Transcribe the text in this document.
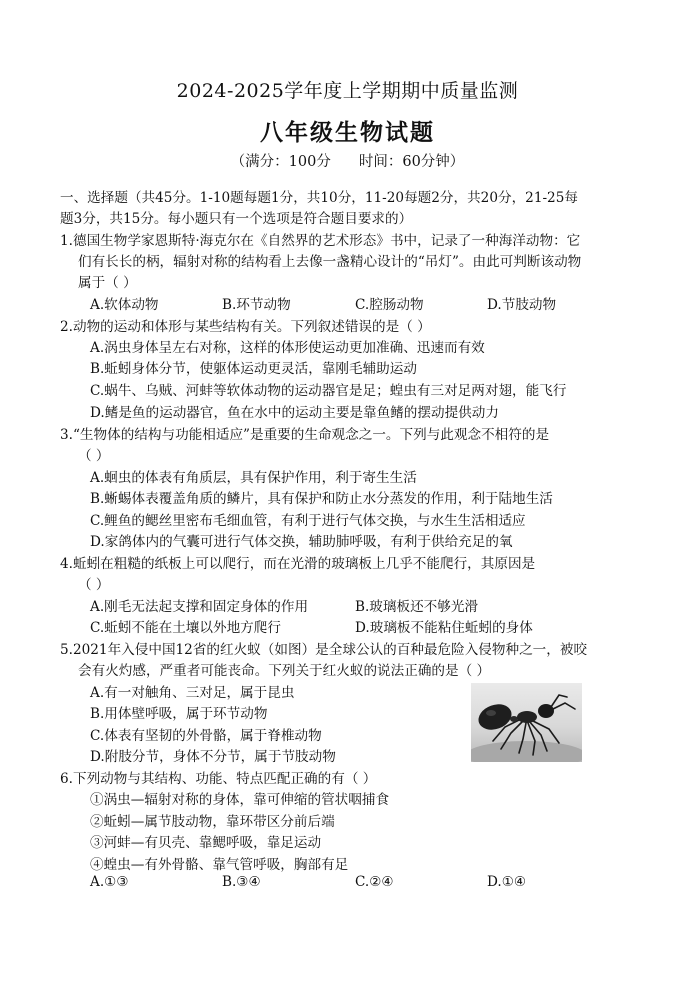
2024-2025学年度上学期期中质量监测
八年级生物试题
（满分：100分 时间：60分钟）
一、选择题（共45分。1-10题每题1分，共10分，11-20每题2分，共20分，21-25每
题3分，共15分。每小题只有一个选项是符合题目要求的）
1.德国生物学家恩斯特·海克尔在《自然界的艺术形态》书中，记录了一种海洋动物：它
们有长长的柄，辐射对称的结构看上去像一盏精心设计的“吊灯”。由此可判断该动物
属于（ ）
A.软体动物	B.环节动物	C.腔肠动物	D.节肢动物
2.动物的运动和体形与某些结构有关。下列叙述错误的是（ ）
A.涡虫身体呈左右对称，这样的体形使运动更加准确、迅速而有效
B.蚯蚓身体分节，使躯体运动更灵活，靠刚毛辅助运动
C.蜗牛、乌贼、河蚌等软体动物的运动器官是足；蝗虫有三对足两对翅，能飞行
D.鳍是鱼的运动器官，鱼在水中的运动主要是靠鱼鳍的摆动提供动力
3.“生物体的结构与功能相适应”是重要的生命观念之一。下列与此观念不相符的是
（ ）
A.蛔虫的体表有角质层，具有保护作用，利于寄生生活
B.蜥蜴体表覆盖角质的鳞片，具有保护和防止水分蒸发的作用，利于陆地生活
C.鲤鱼的鳃丝里密布毛细血管，有利于进行气体交换，与水生生活相适应
D.家鸽体内的气囊可进行气体交换，辅助肺呼吸，有利于供给充足的氧
4.蚯蚓在粗糙的纸板上可以爬行，而在光滑的玻璃板上几乎不能爬行，其原因是
（ ）
A.刚毛无法起支撑和固定身体的作用	B.玻璃板还不够光滑
C.蚯蚓不能在土壤以外地方爬行	D.玻璃板不能粘住蚯蚓的身体
5.2021年入侵中国12省的红火蚁（如图）是全球公认的百种最危险入侵物种之一，被咬
会有火灼感，严重者可能丧命。下列关于红火蚁的说法正确的是（ ）
A.有一对触角、三对足，属于昆虫
B.用体壁呼吸，属于环节动物
C.体表有坚韧的外骨骼，属于脊椎动物
D.附肢分节，身体不分节，属于节肢动物
6.下列动物与其结构、功能、特点匹配正确的有（ ）
①涡虫—辐射对称的身体，靠可伸缩的管状咽捕食
②蚯蚓—属节肢动物，靠环带区分前后端
③河蚌—有贝壳、靠鳃呼吸，靠足运动
④蝗虫—有外骨骼、靠气管呼吸，胸部有足
A.①③	B.③④	C.②④	D.①④
